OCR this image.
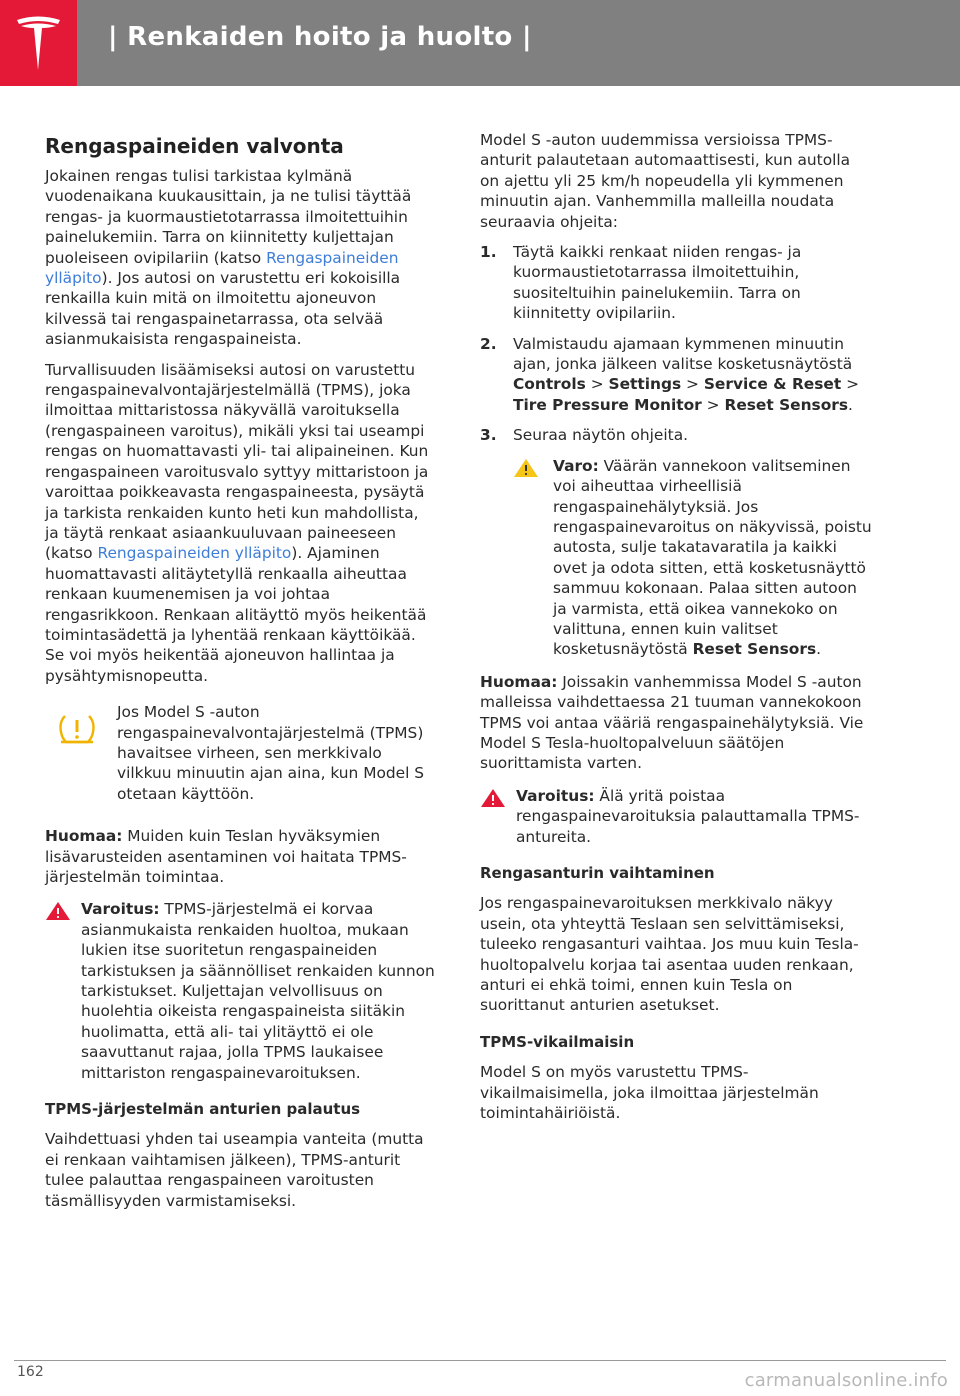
| Renkaiden hoito ja huolto |
Rengaspaineiden valvonta

Jokainen rengas tulisi tarkistaa kylmänä vuodenaikana kuukausittain, ja ne tulisi täyttää rengas- ja kuormaustietotarrassa ilmoitettuihin painelukemiin. Tarra on kiinnitetty kuljettajan puoleiseen ovipilariin (katso Rengaspaineiden ylläpito). Jos autosi on varustettu eri kokoisilla renkailla kuin mitä on ilmoitettu ajoneuvon kilvessä tai rengaspainetarrassa, ota selvää asianmukaisista rengaspaineista.

Turvallisuuden lisäämiseksi autosi on varustettu rengaspainevalvontajärjestelmällä (TPMS), joka ilmoittaa mittaristossa näkyvällä varoituksella (rengaspaineen varoitus), mikäli yksi tai useampi rengas on huomattavasti yli- tai alipaineinen. Kun rengaspaineen varoitusvalo syttyy mittaristoon ja varoittaa poikkeavasta rengaspaineesta, pysäytä ja tarkista renkaiden kunto heti kun mahdollista, ja täytä renkaat asiaankuuluvaan paineeseen (katso Rengaspaineiden ylläpito). Ajaminen huomattavasti alitäytetyllä renkaalla aiheuttaa renkaan kuumenemisen ja voi johtaa rengasrikkoon. Renkaan alitäyttö myös heikentää toimintasädettä ja lyhentää renkaan käyttöikää. Se voi myös heikentää ajoneuvon hallintaa ja pysähtymisnopeutta.

Jos Model S -auton rengaspainevalvontajärjestelmä (TPMS) havaitsee virheen, sen merkkivalo vilkkuu minuutin ajan aina, kun Model S otetaan käyttöön.

Huomaa: Muiden kuin Teslan hyväksymien lisävarusteiden asentaminen voi haitata TPMS-järjestelmän toimintaa.

Varoitus: TPMS-järjestelmä ei korvaa asianmukaista renkaiden huoltoa, mukaan lukien itse suoritetun rengaspaineiden tarkistuksen ja säännölliset renkaiden kunnon tarkistukset. Kuljettajan velvollisuus on huolehtia oikeista rengaspaineista siitäkin huolimatta, että ali- tai ylitäyttö ei ole saavuttanut rajaa, jolla TPMS laukaisee mittariston rengaspainevaroituksen.
TPMS-järjestelmän anturien palautus

Vaihdettuasi yhden tai useampia vanteita (mutta ei renkaan vaihtamisen jälkeen), TPMS-anturit tulee palauttaa rengaspaineen varoitusten täsmällisyyden varmistamiseksi.

Model S -auton uudemmissa versioissa TPMS-anturit palautetaan automaattisesti, kun autolla on ajettu yli 25 km/h nopeudella yli kymmenen minuutin ajan. Vanhemmilla malleilla noudata seuraavia ohjeita:

1. Täytä kaikki renkaat niiden rengas- ja kuormaustietotarrassa ilmoitettuihin, suositeltuihin painelukemiin. Tarra on kiinnitetty ovipilariin.
2. Valmistaudu ajamaan kymmenen minuutin ajan, jonka jälkeen valitse kosketusnäytöstä Controls > Settings > Service & Reset > Tire Pressure Monitor > Reset Sensors.
3. Seuraa näytön ohjeita.
Varo: Väärän vannekoon valitseminen voi aiheuttaa virheellisiä rengaspainehälytyksiä. Jos rengaspainevaroitus on näkyvissä, poistu autosta, sulje takatavaratila ja kaikki ovet ja odota sitten, että kosketusnäyttö sammuu kokonaan. Palaa sitten autoon ja varmista, että oikea vannekoko on valittuna, ennen kuin valitset kosketusnäytöstä Reset Sensors.

Huomaa: Joissakin vanhemmissa Model S -auton malleissa vaihdettaessa 21 tuuman vannekokoon TPMS voi antaa vääriä rengaspainehälytyksiä. Vie Model S Tesla-huoltopalveluun säätöjen suorittamista varten.

Varoitus: Älä yritä poistaa rengaspainevaroituksia palauttamalla TPMS-antureita.
Rengasanturin vaihtaminen

Jos rengaspainevaroituksen merkkivalo näkyy usein, ota yhteyttä Teslaan sen selvittämiseksi, tuleeko rengasanturi vaihtaa. Jos muu kuin Tesla-huoltopalvelu korjaa tai asentaa uuden renkaan, anturi ei ehkä toimi, ennen kuin Tesla on suorittanut anturien asetukset.

TPMS-vikailmaisin

Model S on myös varustettu TPMS-vikailmaisimella, joka ilmoittaa järjestelmän toimintahäiriöistä.

162	carmanualsonline.info
